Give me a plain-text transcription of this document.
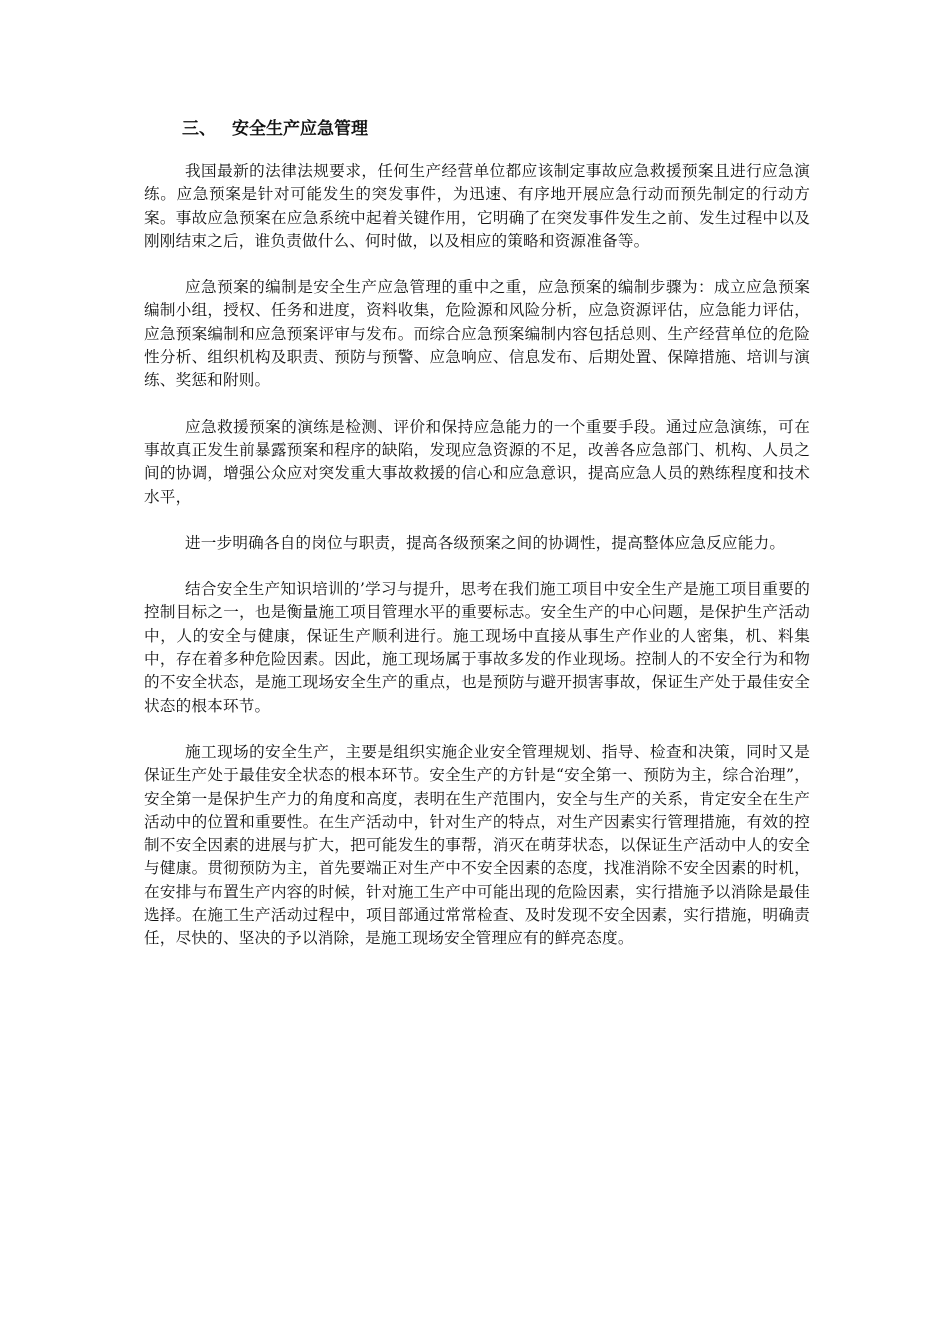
三、 安全生产应急管理

我国最新的法律法规要求，任何生产经营单位都应该制定事故应急救援预案且进行应急演练。应急预案是针对可能发生的突发事件，为迅速、有序地开展应急行动而预先制定的行动方案。事故应急预案在应急系统中起着关键作用，它明确了在突发事件发生之前、发生过程中以及刚刚结束之后，谁负责做什么、何时做，以及相应的策略和资源准备等。

应急预案的编制是安全生产应急管理的重中之重，应急预案的编制步骤为：成立应急预案编制小组，授权、任务和进度，资料收集，危险源和风险分析，应急资源评估，应急能力评估，应急预案编制和应急预案评审与发布。而综合应急预案编制内容包括总则、生产经营单位的危险性分析、组织机构及职责、预防与预警、应急响应、信息发布、后期处置、保障措施、培训与演练、奖惩和附则。

应急救援预案的演练是检测、评价和保持应急能力的一个重要手段。通过应急演练，可在事故真正发生前暴露预案和程序的缺陷，发现应急资源的不足，改善各应急部门、机构、人员之间的协调，增强公众应对突发重大事故救援的信心和应急意识，提高应急人员的熟练程度和技术水平，

进一步明确各自的岗位与职责，提高各级预案之间的协调性，提高整体应急反应能力。

结合安全生产知识培训的’学习与提升，思考在我们施工项目中安全生产是施工项目重要的控制目标之一，也是衡量施工项目管理水平的重要标志。安全生产的中心问题，是保护生产活动中，人的安全与健康，保证生产顺利进行。施工现场中直接从事生产作业的人密集，机、料集中，存在着多种危险因素。因此，施工现场属于事故多发的作业现场。控制人的不安全行为和物的不安全状态，是施工现场安全生产的重点，也是预防与避开损害事故，保证生产处于最佳安全状态的根本环节。

施工现场的安全生产，主要是组织实施企业安全管理规划、指导、检查和决策，同时又是保证生产处于最佳安全状态的根本环节。安全生产的方针是“安全第一、预防为主，综合治理”，安全第一是保护生产力的角度和高度，表明在生产范围内，安全与生产的关系，肯定安全在生产活动中的位置和重要性。在生产活动中，针对生产的特点，对生产因素实行管理措施，有效的控制不安全因素的进展与扩大，把可能发生的事帮，消灭在萌芽状态，以保证生产活动中人的安全与健康。贯彻预防为主，首先要端正对生产中不安全因素的态度，找准消除不安全因素的时机，在安排与布置生产内容的时候，针对施工生产中可能出现的危险因素，实行措施予以消除是最佳选择。在施工生产活动过程中，项目部通过常常检查、及时发现不安全因素，实行措施，明确责任，尽快的、坚决的予以消除，是施工现场安全管理应有的鲜亮态度。
